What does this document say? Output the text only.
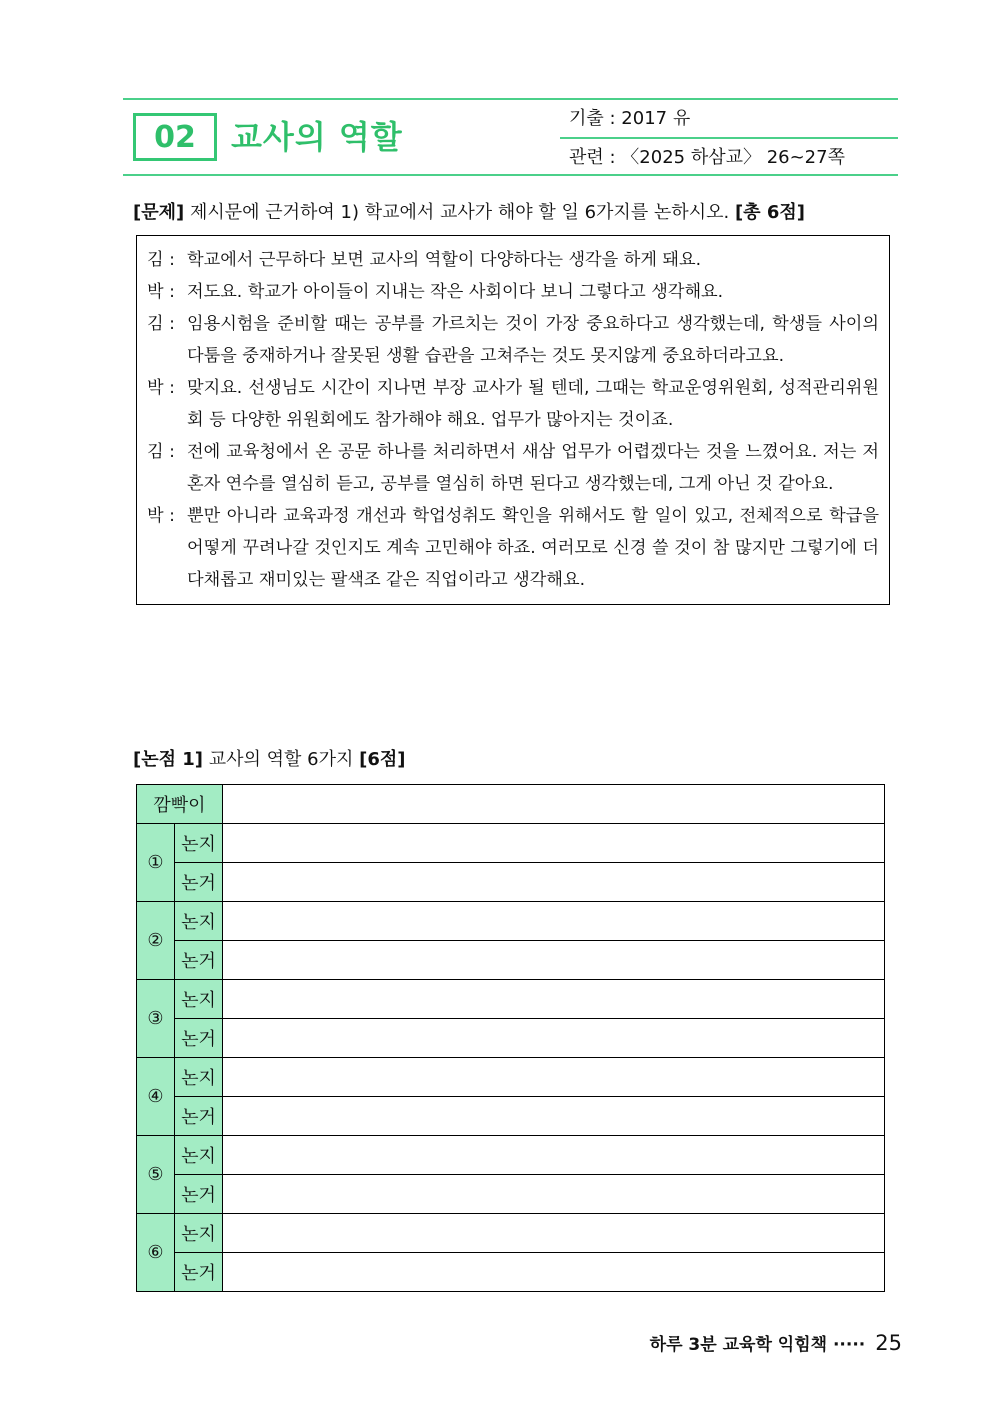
02	교사의 역할	기출 : 2017 유
관련 : 〈2025 하삼교〉 26~27쪽
[문제] 제시문에 근거하여 1) 학교에서 교사가 해야 할 일 6가지를 논하시오. [총 6점]
김 : 학교에서 근무하다 보면 교사의 역할이 다양하다는 생각을 하게 돼요.
박 : 저도요. 학교가 아이들이 지내는 작은 사회이다 보니 그렇다고 생각해요.
김 : 임용시험을 준비할 때는 공부를 가르치는 것이 가장 중요하다고 생각했는데, 학생들 사이의 다툼을 중재하거나 잘못된 생활 습관을 고쳐주는 것도 못지않게 중요하더라고요.
박 : 맞지요. 선생님도 시간이 지나면 부장 교사가 될 텐데, 그때는 학교운영위원회, 성적관리위원회 등 다양한 위원회에도 참가해야 해요. 업무가 많아지는 것이죠.
김 : 전에 교육청에서 온 공문 하나를 처리하면서 새삼 업무가 어렵겠다는 것을 느꼈어요. 저는 저혼자 연수를 열심히 듣고, 공부를 열심히 하면 된다고 생각했는데, 그게 아닌 것 같아요.
박 : 뿐만 아니라 교육과정 개선과 학업성취도 확인을 위해서도 할 일이 있고, 전체적으로 학급을 어떻게 꾸려나갈 것인지도 계속 고민해야 하죠. 여러모로 신경 쓸 것이 참 많지만 그렇기에 더 다채롭고 재미있는 팔색조 같은 직업이라고 생각해요.
[논점 1] 교사의 역할 6가지 [6점]
깜빡이		
①	논지	
	논거	
②	논지	
	논거	
③	논지	
	논거	
④	논지	
	논거	
⑤	논지	
	논거	
⑥	논지	
	논거	
하루 3분 교육학 익힘책 ····· 25
